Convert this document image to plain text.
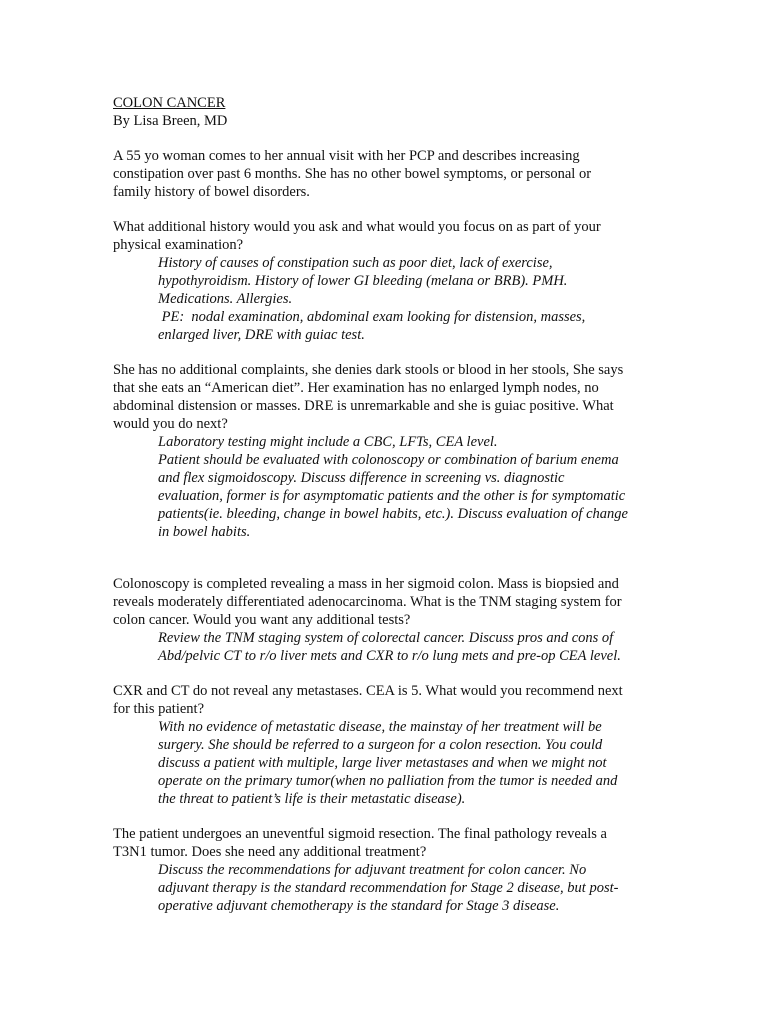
COLON CANCER
By Lisa Breen, MD
A 55 yo woman comes to her annual visit with her PCP and describes increasing
constipation over past 6 months. She has no other bowel symptoms, or personal or
family history of bowel disorders.
What additional history would you ask and what would you focus on as part of your
physical examination?
History of causes of constipation such as poor diet, lack of exercise,
hypothyroidism. History of lower GI bleeding (melana or BRB). PMH.
Medications. Allergies.
PE:  nodal examination, abdominal exam looking for distension, masses,
enlarged liver, DRE with guiac test.
She has no additional complaints, she denies dark stools or blood in her stools, She says
that she eats an “American diet”. Her examination has no enlarged lymph nodes, no
abdominal distension or masses. DRE is unremarkable and she is guiac positive. What
would you do next?
Laboratory testing might include a CBC, LFTs, CEA level.
Patient should be evaluated with colonoscopy or combination of barium enema
and flex sigmoidoscopy. Discuss difference in screening vs. diagnostic
evaluation, former is for asymptomatic patients and the other is for symptomatic
patients(ie. bleeding, change in bowel habits, etc.). Discuss evaluation of change
in bowel habits.
Colonoscopy is completed revealing a mass in her sigmoid colon. Mass is biopsied and
reveals moderately differentiated adenocarcinoma. What is the TNM staging system for
colon cancer. Would you want any additional tests?
Review the TNM staging system of colorectal cancer. Discuss pros and cons of
Abd/pelvic CT to r/o liver mets and CXR to r/o lung mets and pre-op CEA level.
CXR and CT do not reveal any metastases. CEA is 5. What would you recommend next
for this patient?
With no evidence of metastatic disease, the mainstay of her treatment will be
surgery. She should be referred to a surgeon for a colon resection. You could
discuss a patient with multiple, large liver metastases and when we might not
operate on the primary tumor(when no palliation from the tumor is needed and
the threat to patient’s life is their metastatic disease).
The patient undergoes an uneventful sigmoid resection. The final pathology reveals a
T3N1 tumor. Does she need any additional treatment?
Discuss the recommendations for adjuvant treatment for colon cancer. No
adjuvant therapy is the standard recommendation for Stage 2 disease, but post-
operative adjuvant chemotherapy is the standard for Stage 3 disease.
